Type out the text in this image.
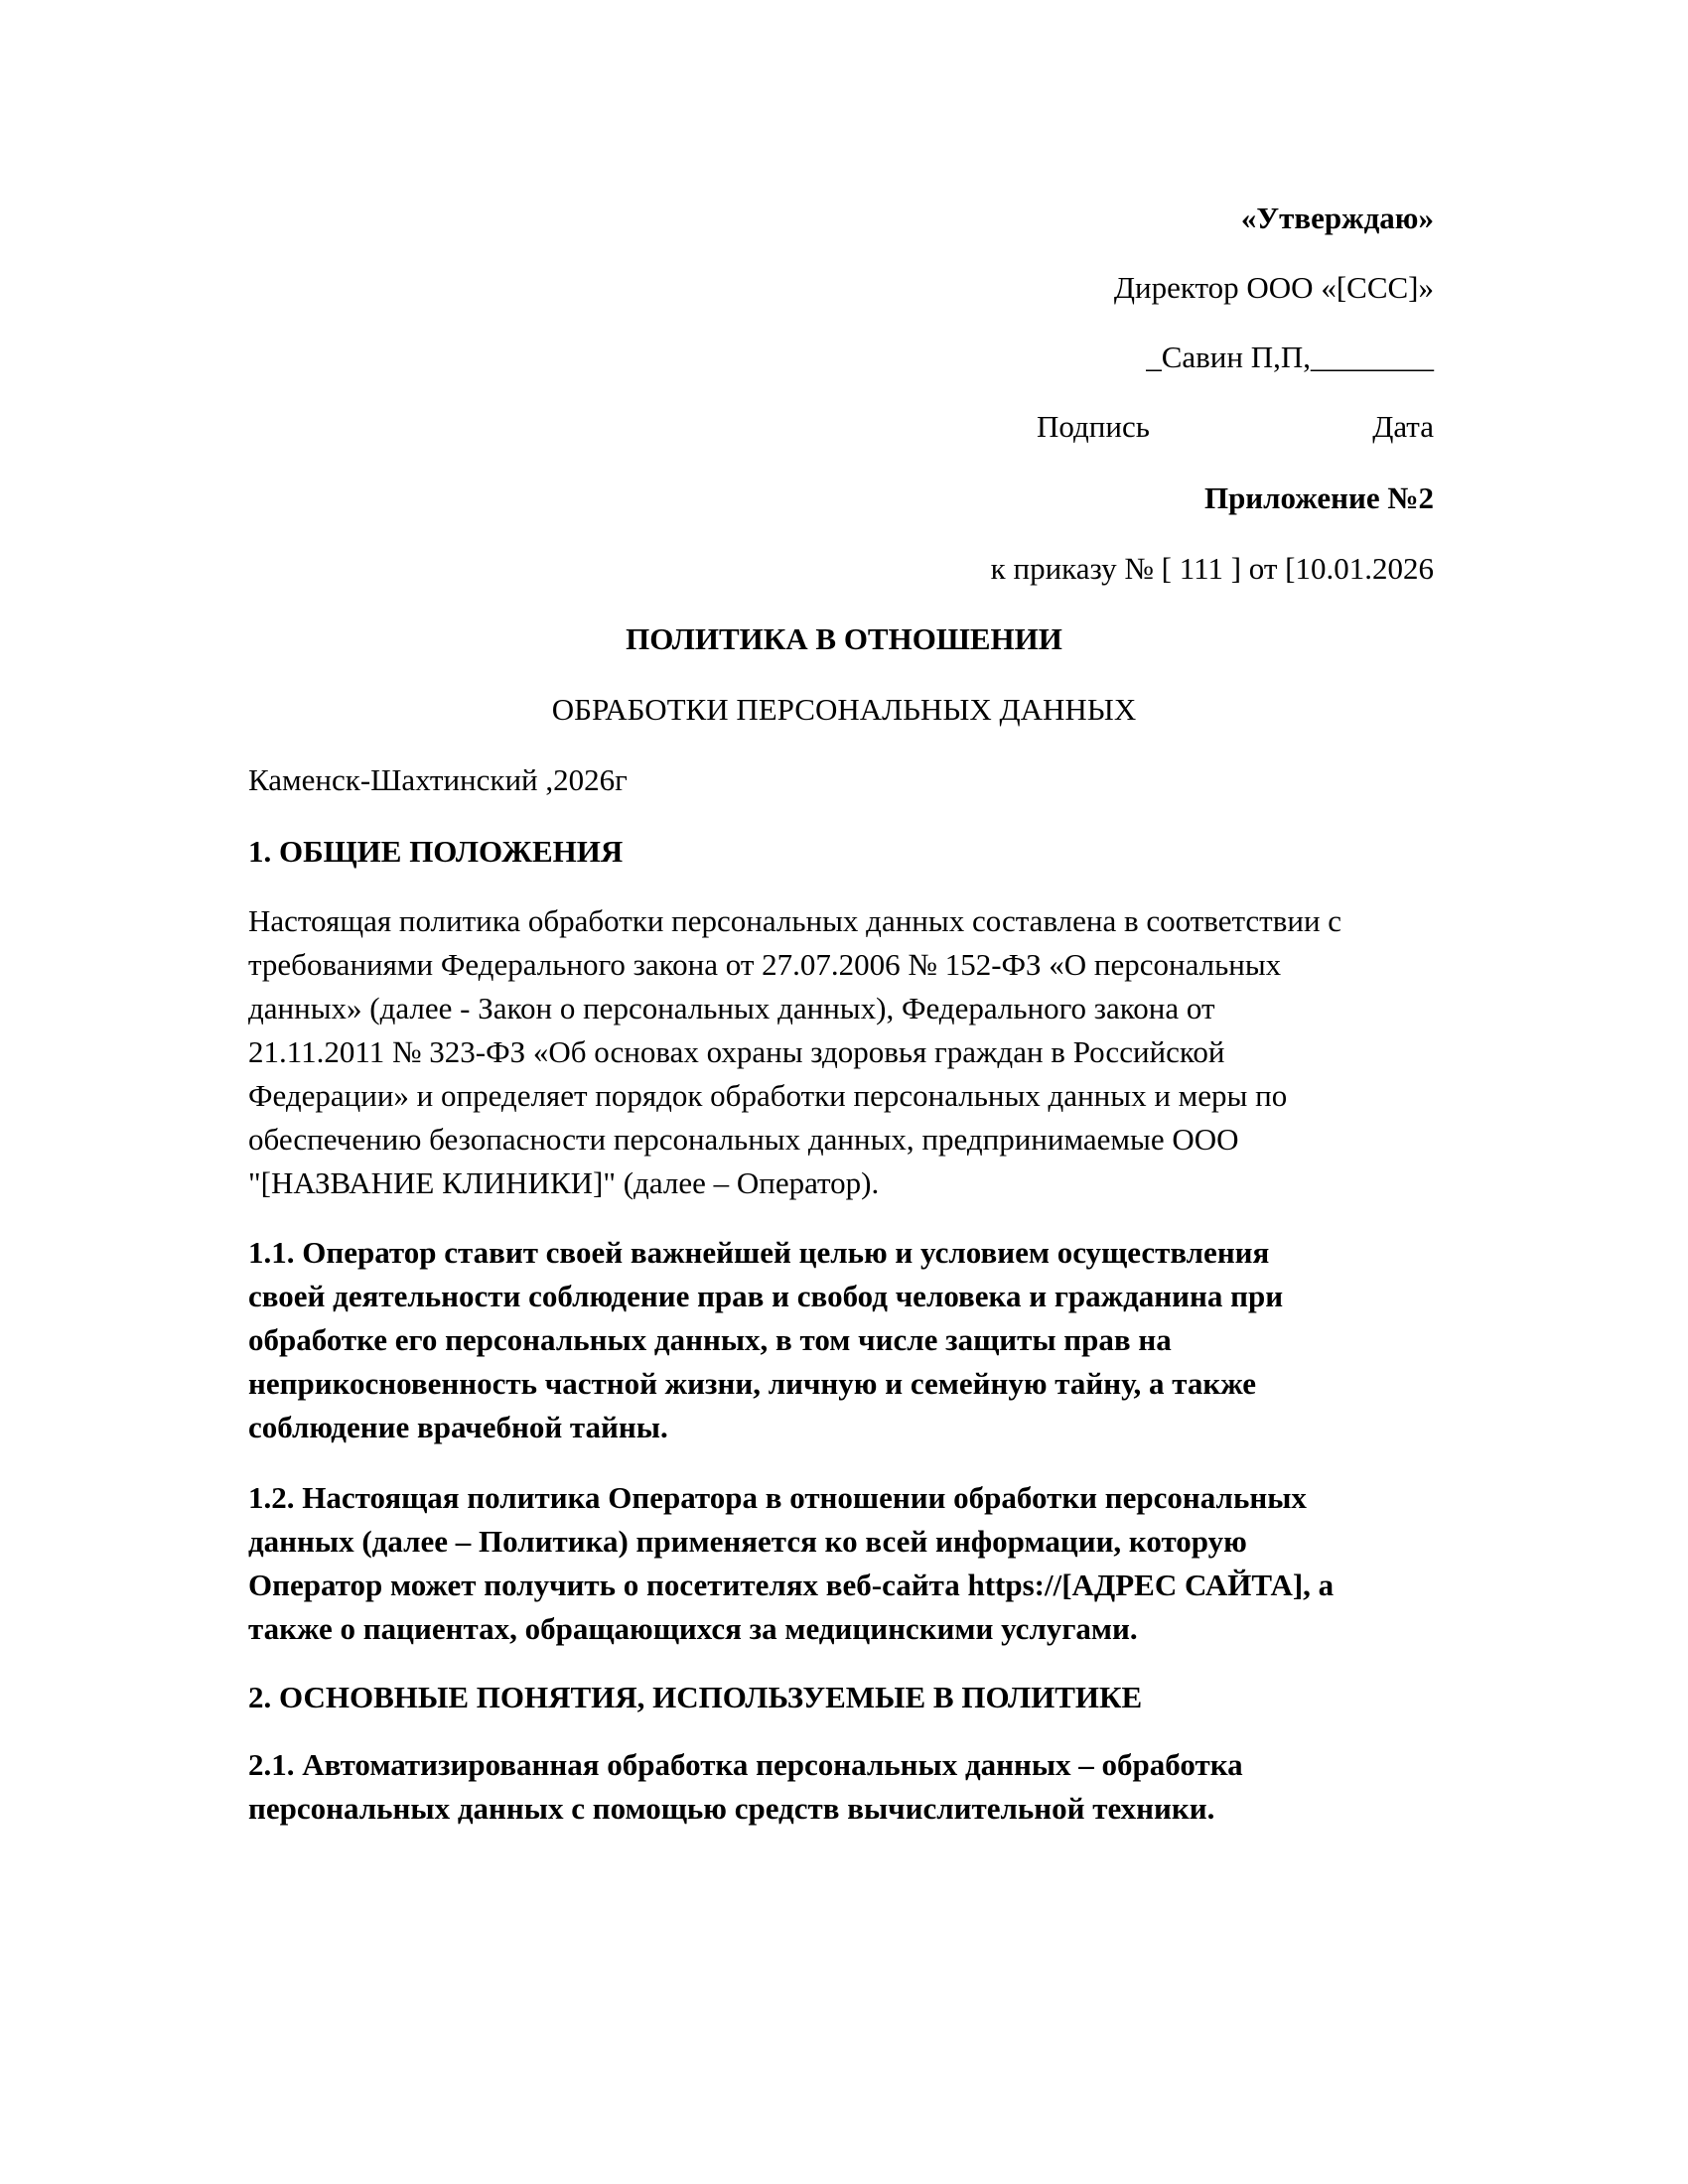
«Утверждаю»
Директор ООО «[ССС]»
_Савин П,П,________
Подпись	Дата
Приложение №2
к приказу № [ 111 ] от [10.01.2026
ПОЛИТИКА В ОТНОШЕНИИ
ОБРАБОТКИ ПЕРСОНАЛЬНЫХ ДАННЫХ
Каменск-Шахтинский ,2026г
1. ОБЩИЕ ПОЛОЖЕНИЯ
Настоящая политика обработки персональных данных составлена в соответствии с
требованиями Федерального закона от 27.07.2006 № 152-ФЗ «О персональных
данных» (далее - Закон о персональных данных), Федерального закона от
21.11.2011 № 323-ФЗ «Об основах охраны здоровья граждан в Российской
Федерации» и определяет порядок обработки персональных данных и меры по
обеспечению безопасности персональных данных, предпринимаемые ООО
"[НАЗВАНИЕ КЛИНИКИ]" (далее – Оператор).
1.1. Оператор ставит своей важнейшей целью и условием осуществления
своей деятельности соблюдение прав и свобод человека и гражданина при
обработке его персональных данных, в том числе защиты прав на
неприкосновенность частной жизни, личную и семейную тайну, а также
соблюдение врачебной тайны.
1.2. Настоящая политика Оператора в отношении обработки персональных
данных (далее – Политика) применяется ко всей информации, которую
Оператор может получить о посетителях веб-сайта https://[АДРЕС САЙТА], а
также о пациентах, обращающихся за медицинскими услугами.
2. ОСНОВНЫЕ ПОНЯТИЯ, ИСПОЛЬЗУЕМЫЕ В ПОЛИТИКЕ
2.1. Автоматизированная обработка персональных данных – обработка
персональных данных с помощью средств вычислительной техники.
